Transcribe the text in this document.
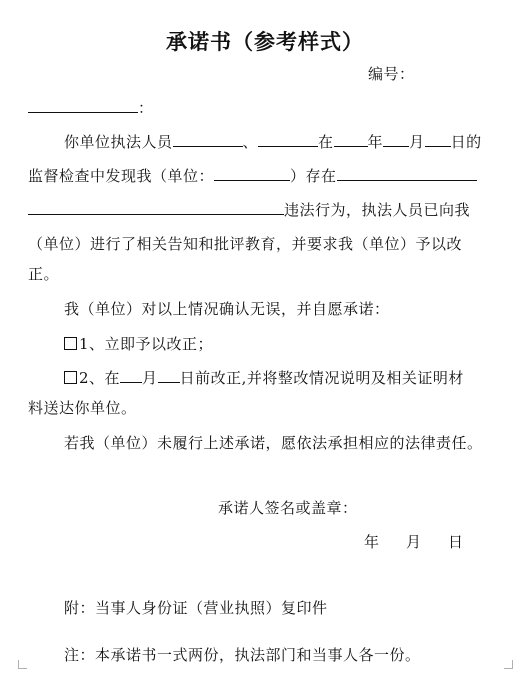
承诺书（参考样式）
编号：
：
你单位执法人员	、	在 年 月 日的
监督检查中发现我（单位：	）存在
违法行为，执法人员已向我
（单位）进行了相关告知和批评教育，并要求我（单位）予以改
正。
我（单位）对以上情况确认无误，并自愿承诺：
1、立即予以改正；
2、在 月 日前改正,并将整改情况说明及相关证明材
料送达你单位。
若我（单位）未履行上述承诺，愿依法承担相应的法律责任。
承诺人签名或盖章：
年 月 日
附：当事人身份证（营业执照）复印件
注：本承诺书一式两份，执法部门和当事人各一份。
